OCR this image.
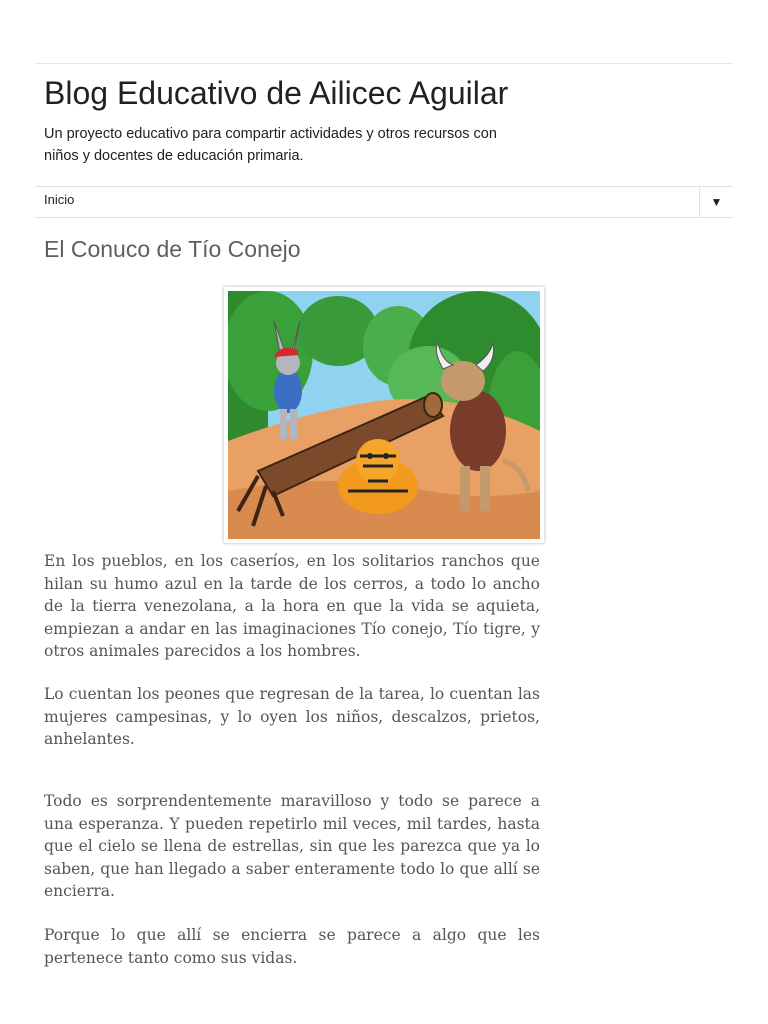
Blog Educativo de Ailicec Aguilar
Un proyecto educativo para compartir actividades y otros recursos con niños y docentes de educación primaria.
Inicio	▼
El Conuco de Tío Conejo

En los pueblos, en los caseríos, en los solitarios ranchos que hilan su humo azul en la tarde de los cerros, a todo lo ancho de la tierra venezolana, a la hora en que la vida se aquieta, empiezan a andar en las imaginaciones Tío conejo, Tío tigre, y otros animales parecidos a los hombres.

Lo cuentan los peones que regresan de la tarea, lo cuentan las mujeres campesinas, y lo oyen los niños, descalzos, prietos, anhelantes.

Todo es sorprendentemente maravilloso y todo se parece a una esperanza. Y pueden repetirlo mil veces, mil tardes, hasta que el cielo se llena de estrellas, sin que les parezca que ya lo saben, que han llegado a saber enteramente todo lo que allí se encierra.

Porque lo que allí se encierra se parece a algo que les pertenece tanto como sus vidas.
